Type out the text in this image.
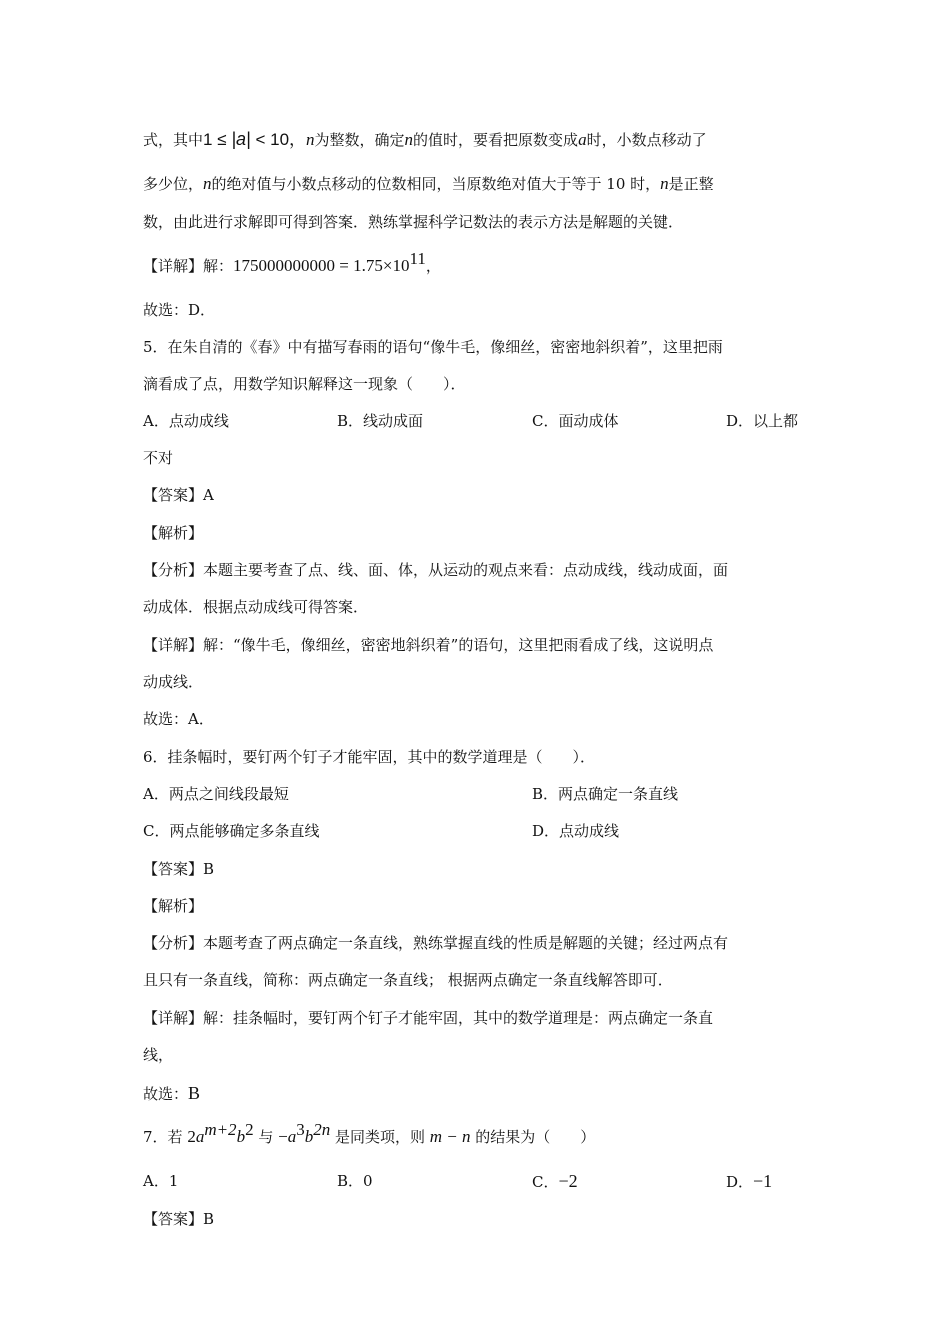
式，其中1 ≤ |a| < 10，n为整数，确定n的值时，要看把原数变成a时，小数点移动了
多少位，n的绝对值与小数点移动的位数相同，当原数绝对值大于等于 10 时，n是正整
数，由此进行求解即可得到答案．熟练掌握科学记数法的表示方法是解题的关键．
【详解】解：$175000000000 = 1.75\times 10^{11}$，
故选：D．
5．在朱自清的《春》中有描写春雨的语句“像牛毛，像细丝，密密地斜织着”，这里把雨
滴看成了点，用数学知识解释这一现象（　　）．
A．点动成线	B．线动成面	C．面动成体	D．以上都
不对
【答案】A
【解析】
【分析】本题主要考查了点、线、面、体，从运动的观点来看：点动成线，线动成面，面
动成体．根据点动成线可得答案．
【详解】解：“像牛毛，像细丝，密密地斜织着”的语句，这里把雨看成了线，这说明点
动成线．
故选：A．
6．挂条幅时，要钉两个钉子才能牢固，其中的数学道理是（　　）．
A．两点之间线段最短	B．两点确定一条直线
C．两点能够确定多条直线	D．点动成线
【答案】B
【解析】
【分析】本题考查了两点确定一条直线，熟练掌握直线的性质是解题的关键；经过两点有
且只有一条直线，简称：两点确定一条直线； 根据两点确定一条直线解答即可．
【详解】解：挂条幅时，要钉两个钉子才能牢固，其中的数学道理是：两点确定一条直
线，
故选：B
7．若 $2a^{m+2}b^2$ 与 $-a^3b^{2n}$ 是同类项，则 m − n 的结果为（　　）
A．1	B．0	C．−2	D．−1
【答案】B
